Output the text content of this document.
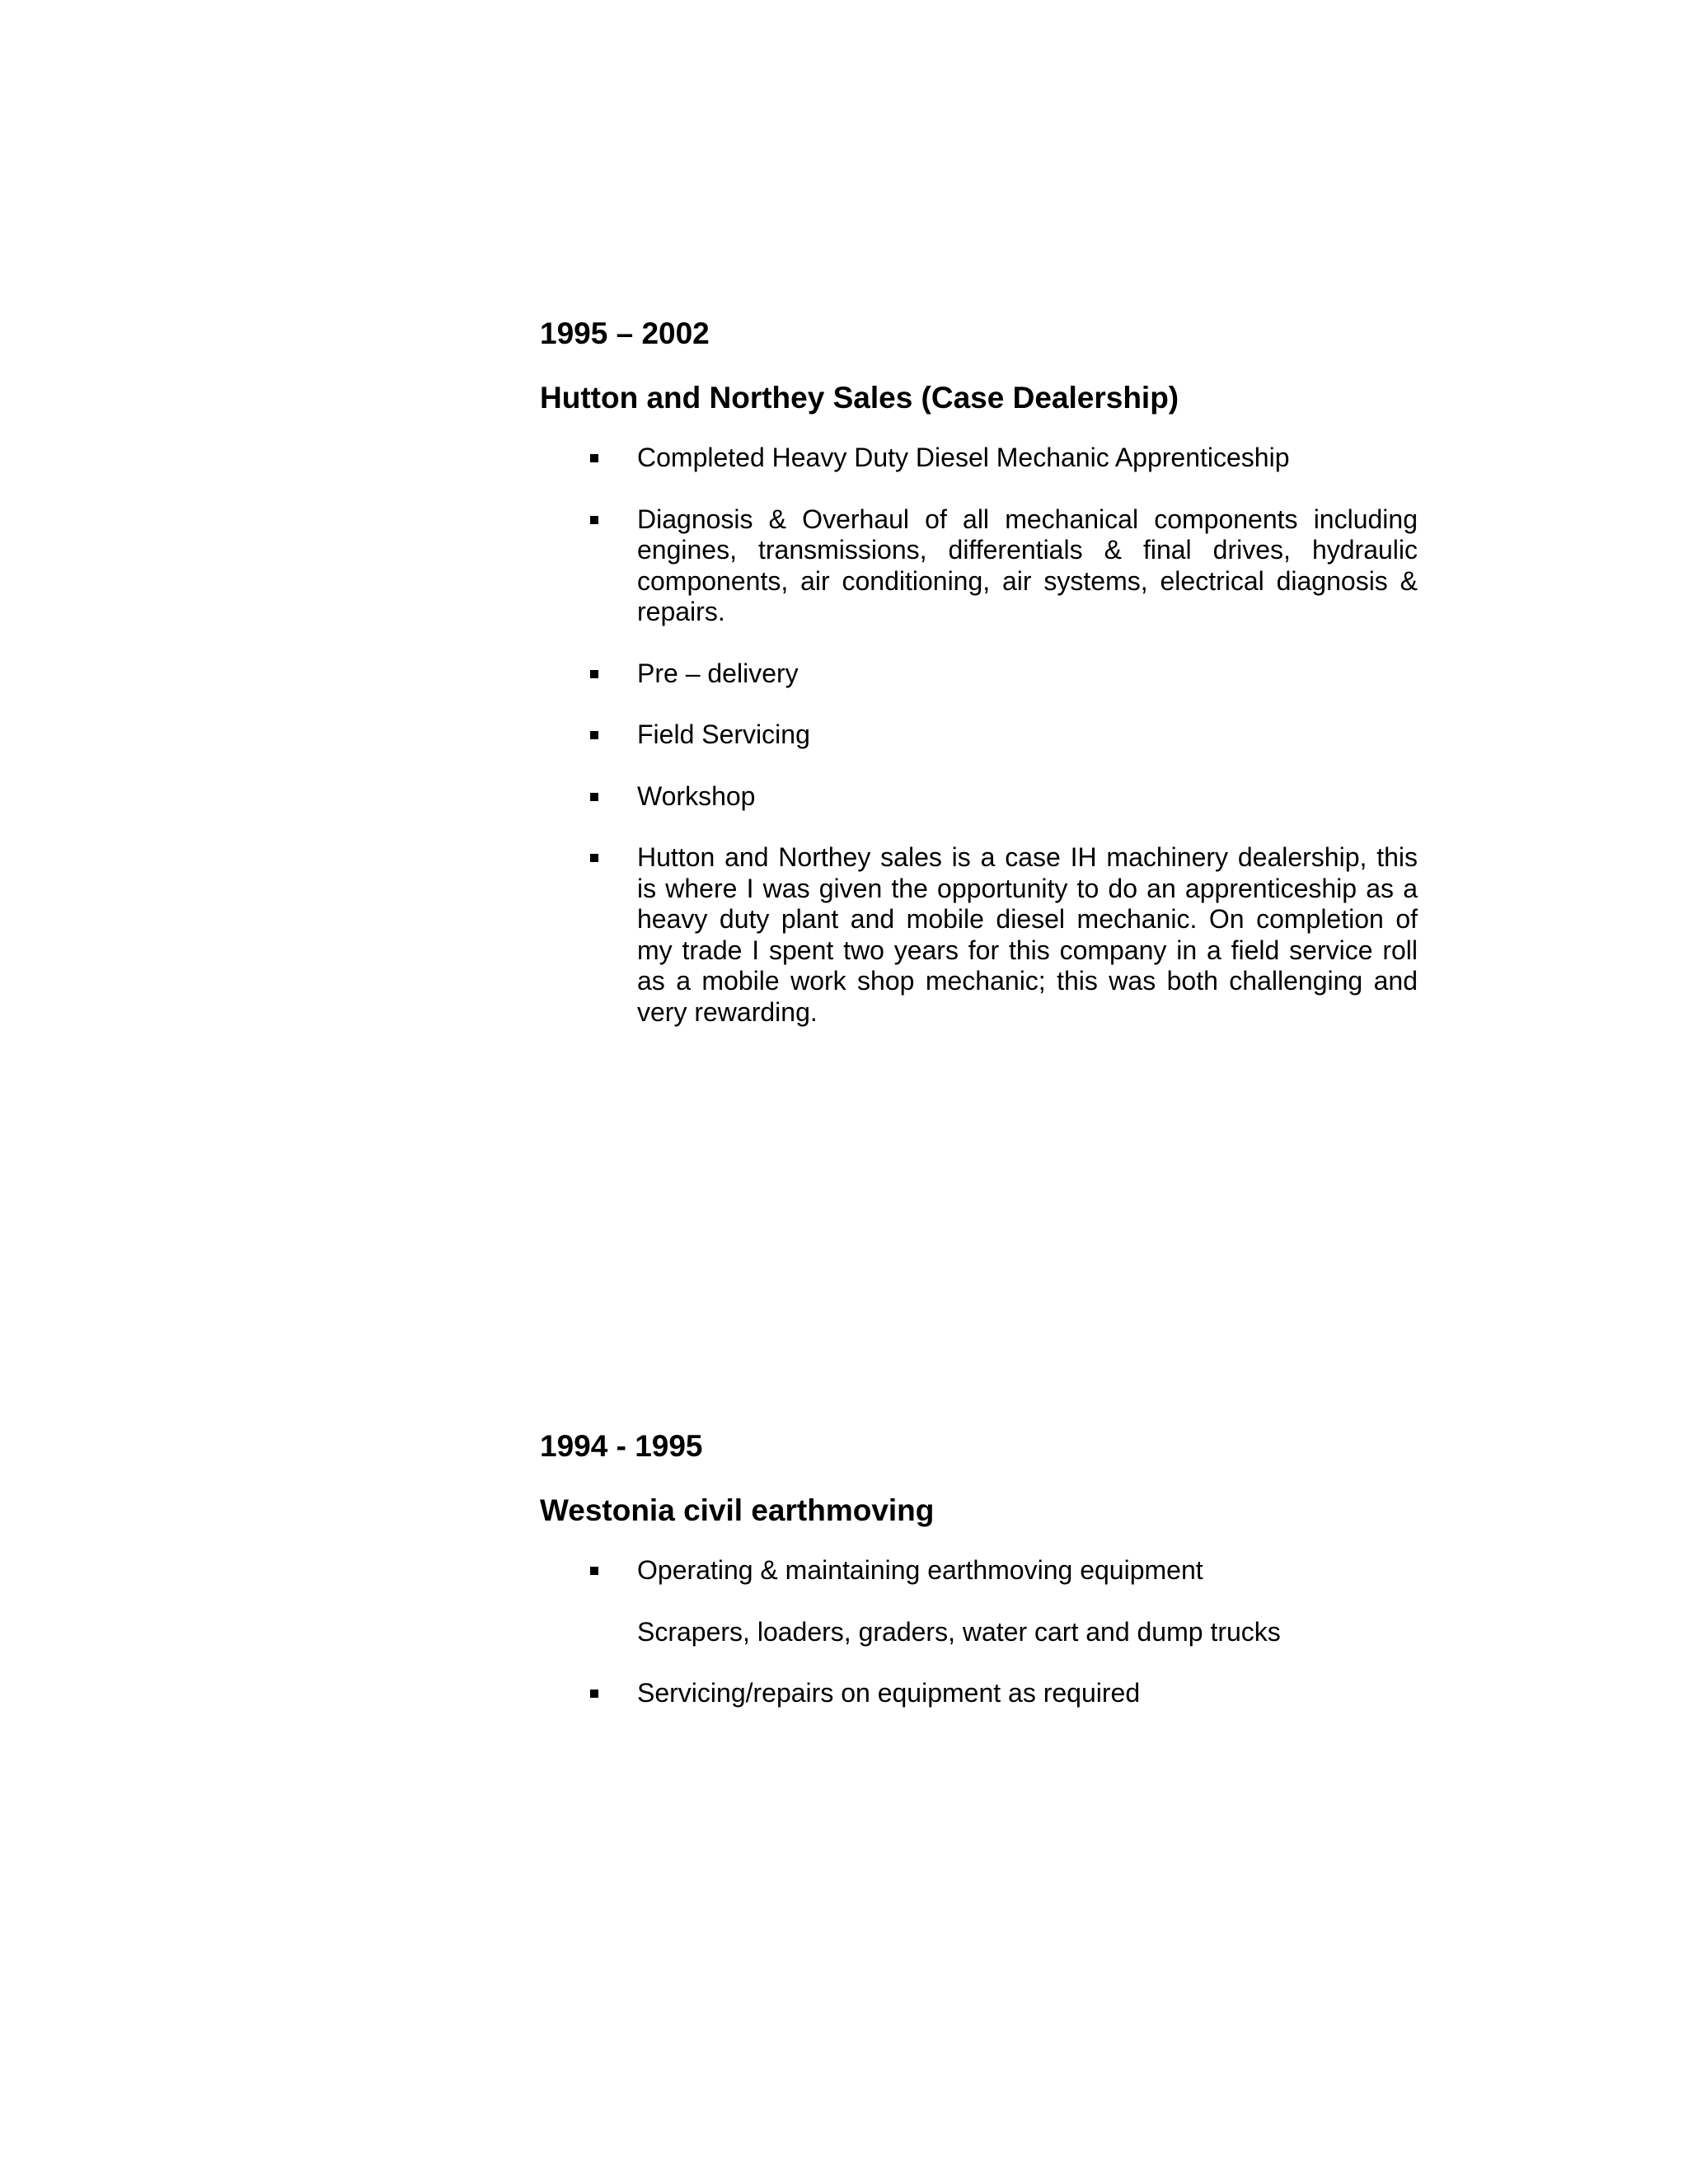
1995 – 2002
Hutton and Northey Sales (Case Dealership)
Completed Heavy Duty Diesel Mechanic Apprenticeship
Diagnosis & Overhaul of all mechanical components including engines, transmissions, differentials & final drives, hydraulic components, air conditioning, air systems, electrical diagnosis & repairs.
Pre – delivery
Field Servicing
Workshop
Hutton and Northey sales is a case IH machinery dealership, this is where I was given the opportunity to do an apprenticeship as a heavy duty plant and mobile diesel mechanic. On completion of my trade I spent two years for this company in a field service roll as a mobile work shop mechanic; this was both challenging and very rewarding.
1994 - 1995
Westonia civil earthmoving
Operating & maintaining earthmoving equipment
Scrapers, loaders, graders, water cart and dump trucks
Servicing/repairs on equipment as required
